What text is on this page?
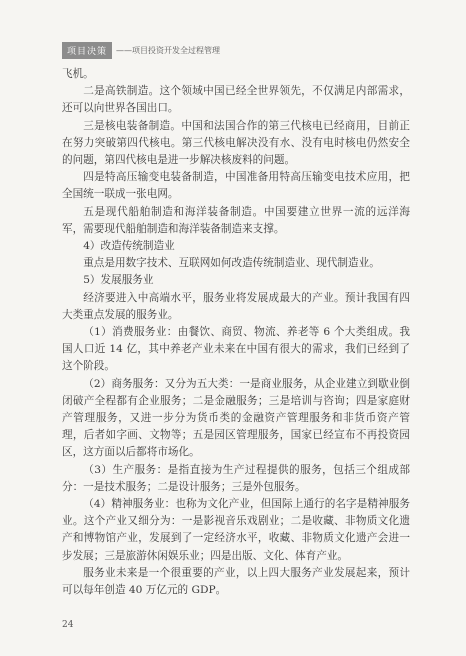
项目决策	——项目投资开发全过程管理

飞机。

二是高铁制造。这个领域中国已经全世界领先，不仅满足内部需求，还可以向世界各国出口。

三是核电装备制造。中国和法国合作的第三代核电已经商用，目前正在努力突破第四代核电。第三代核电解决没有水、没有电时核电仍然安全的问题，第四代核电是进一步解决核废料的问题。

四是特高压输变电装备制造，中国准备用特高压输变电技术应用，把全国统一联成一张电网。

五是现代船舶制造和海洋装备制造。中国要建立世界一流的远洋海军，需要现代船舶制造和海洋装备制造来支撑。

4）改造传统制造业

重点是用数字技术、互联网如何改造传统制造业、现代制造业。

5）发展服务业

经济要进入中高端水平，服务业将发展成最大的产业。预计我国有四大类重点发展的服务业。

（1）消费服务业：由餐饮、商贸、物流、养老等 6 个大类组成。我国人口近 14 亿，其中养老产业未来在中国有很大的需求，我们已经到了这个阶段。

（2）商务服务：又分为五大类：一是商业服务，从企业建立到歇业倒闭破产全程都有企业服务；二是金融服务；三是培训与咨询；四是家庭财产管理服务，又进一步分为货币类的金融资产管理服务和非货币资产管理，后者如字画、文物等；五是园区管理服务，国家已经宣布不再投资园区，这方面以后都将市场化。

（3）生产服务：是指直接为生产过程提供的服务，包括三个组成部分：一是技术服务；二是设计服务；三是外包服务。

（4）精神服务业：也称为文化产业，但国际上通行的名字是精神服务业。这个产业又细分为：一是影视音乐戏剧业；二是收藏、非物质文化遗产和博物馆产业，发展到了一定经济水平，收藏、非物质文化遗产会进一步发展；三是旅游休闲娱乐业；四是出版、文化、体育产业。

服务业未来是一个很重要的产业，以上四大服务产业发展起来，预计可以每年创造 40 万亿元的 GDP。

24
